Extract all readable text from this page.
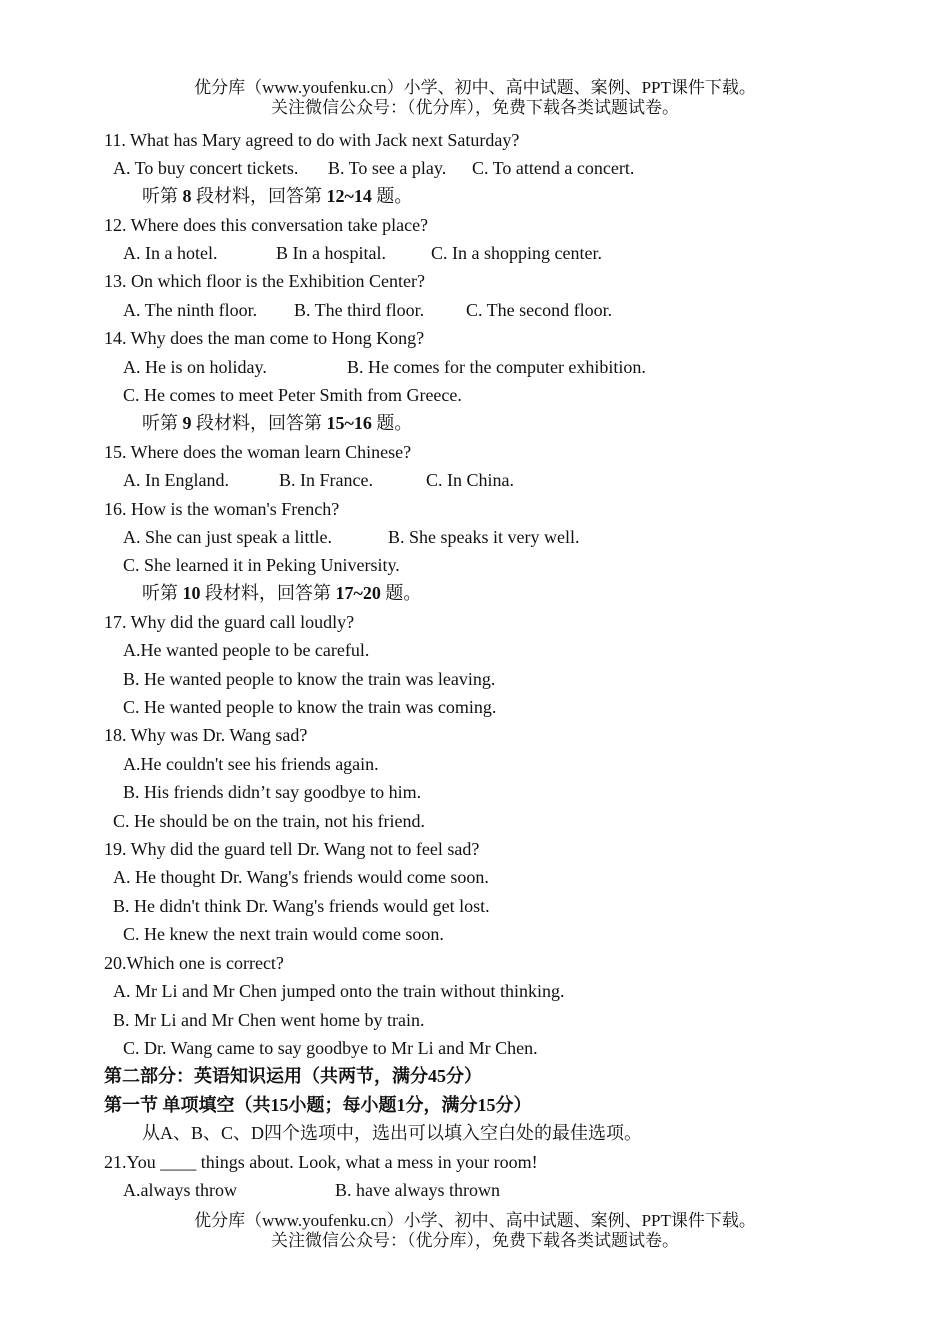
优分库（www.youfenku.cn）小学、初中、高中试题、案例、PPT课件下载。
关注微信公众号：（优分库），免费下载各类试题试卷。
11. What has Mary agreed to do with Jack next Saturday?
A. To buy concert tickets. B. To see a play. C. To attend a concert.
听第 8 段材料，回答第 12~14 题。
12. Where does this conversation take place?
A. In a hotel.	B In a hospital.	C. In a shopping center.
13. On which floor is the Exhibition Center?
A. The ninth floor. B. The third floor. C. The second floor.
14. Why does the man come to Hong Kong?
A. He is on holiday.	B. He comes for the computer exhibition.
C. He comes to meet Peter Smith from Greece.
听第 9 段材料，回答第 15~16 题。
15. Where does the woman learn Chinese?
A. In England.	B. In France.	C. In China.
16. How is the woman's French?
A. She can just speak a little.	B. She speaks it very well.
C. She learned it in Peking University.
听第 10 段材料，回答第 17~20 题。
17. Why did the guard call loudly?
A.He wanted people to be careful.
B. He wanted people to know the train was leaving.
C. He wanted people to know the train was coming.
18. Why was Dr. Wang sad?
A.He couldn't see his friends again.
B. His friends didn’t say goodbye to him.
C. He should be on the train, not his friend.
19. Why did the guard tell Dr. Wang not to feel sad?
A. He thought Dr. Wang's friends would come soon.
B. He didn't think Dr. Wang's friends would get lost.
C. He knew the next train would come soon.
20.Which one is correct?
A. Mr Li and Mr Chen jumped onto the train without thinking.
B. Mr Li and Mr Chen went home by train.
C. Dr. Wang came to say goodbye to Mr Li and Mr Chen.
第二部分：英语知识运用（共两节，满分45分）
第一节 单项填空（共15小题；每小题1分，满分15分）
从A、B、C、D四个选项中，选出可以填入空白处的最佳选项。
21.You ____ things about. Look, what a mess in your room!
A.always throw	B. have always thrown
优分库（www.youfenku.cn）小学、初中、高中试题、案例、PPT课件下载。
关注微信公众号：（优分库），免费下载各类试题试卷。
